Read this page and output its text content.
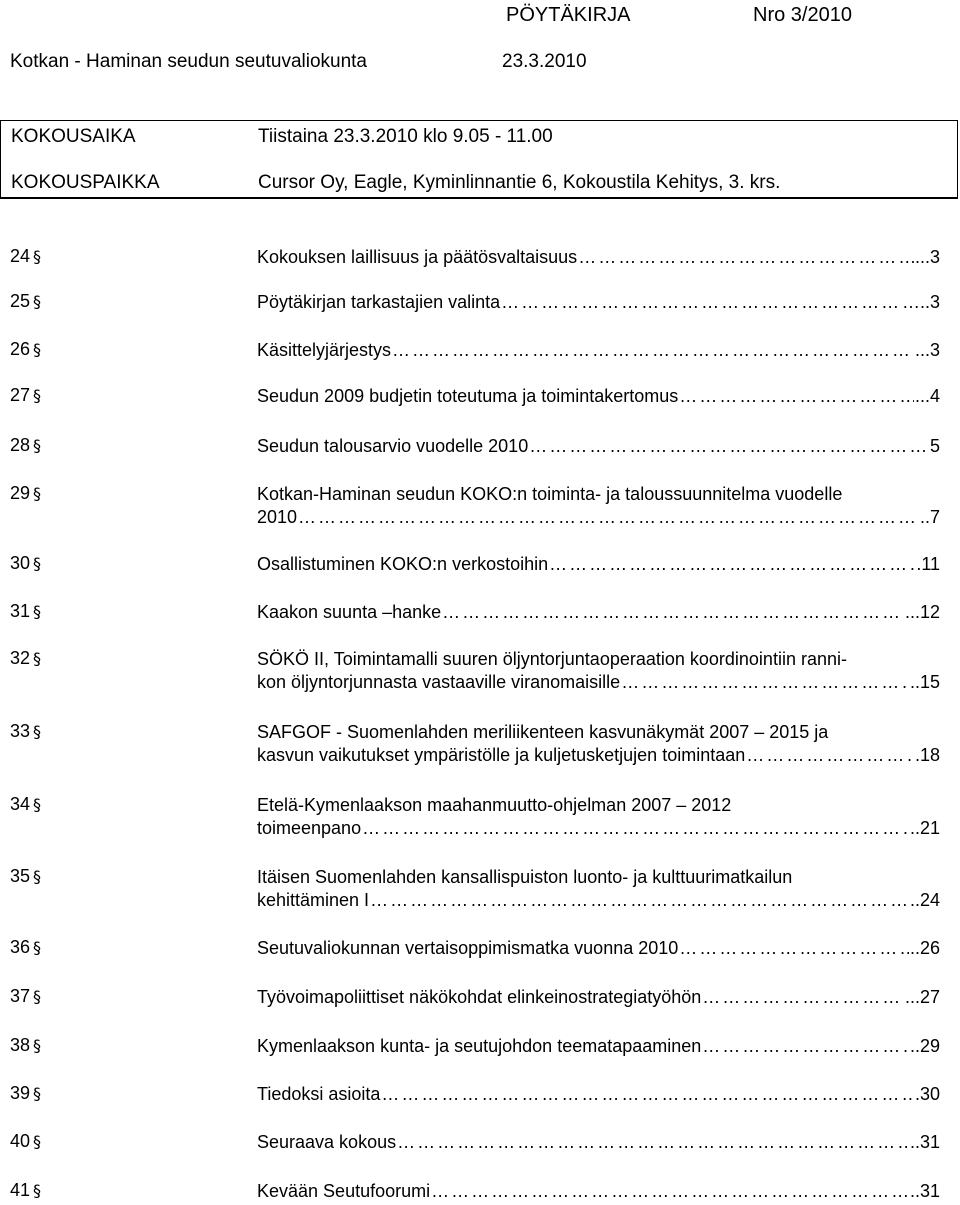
PÖYTÄKIRJA	Nro 3/2010
Kotkan - Haminan seudun seutuvaliokunta	23.3.2010
KOKOUSAIKA	Tiistaina 23.3.2010 klo 9.05 - 11.00
KOKOUSPAIKKA	Cursor Oy, Eagle, Kyminlinnantie 6, Kokoustila Kehitys, 3. krs.
24 §	Kokouksen laillisuus ja päätösvaltaisuus …………………………………………………………………………………………………………………………………………………………………	...3
25 §	Pöytäkirjan tarkastajien valinta …………………………………………………………………………………………………………………………………………………………………	…..3
26 §	Käsittelyjärjestys …………………………………………………………………………………………………………………………………………………………………	...3
27 §	Seudun 2009 budjetin toteutuma ja toimintakertomus …………………………………………………………………………………………………………………………………………………………………	...4
28 §	Seudun talousarvio vuodelle 2010 …………………………………………………………………………………………………………………………………………………………………	5
29 §	Kotkan-Haminan seudun KOKO:n toiminta- ja taloussuunnitelma vuodelle
2010 …………………………………………………………………………………………………………………………………………………………………	..7
30 §	Osallistuminen KOKO:n verkostoihin …………………………………………………………………………………………………………………………………………………………………	.11
31 §	Kaakon suunta –hanke …………………………………………………………………………………………………………………………………………………………………	...12
32 §	SÖKÖ II, Toimintamalli suuren öljyntorjuntaoperaation koordinointiin ranni-
kon öljyntorjunnasta vastaaville viranomaisille …………………………………………………………………………………………………………………………………………………………………	..15
33 §	SAFGOF - Suomenlahden meriliikenteen kasvunäkymät 2007 – 2015 ja
kasvun vaikutukset ympäristölle ja kuljetusketjujen toimintaan …………………………………………………………………………………………………………………………………………………………………	.18
34 §	Etelä-Kymenlaakson maahanmuutto-ohjelman 2007 – 2012
toimeenpano …………………………………………………………………………………………………………………………………………………………………	..21
35 §	Itäisen Suomenlahden kansallispuiston luonto- ja kulttuurimatkailun
kehittäminen I …………………………………………………………………………………………………………………………………………………………………	..24
36 §	Seutuvaliokunnan vertaisoppimismatka vuonna 2010 …………………………………………………………………………………………………………………………………………………………………	..26
37 §	Työvoimapoliittiset näkökohdat elinkeinostrategiatyöhön …………………………………………………………………………………………………………………………………………………………………	...27
38 §	Kymenlaakson kunta- ja seutujohdon teematapaaminen …………………………………………………………………………………………………………………………………………………………………	..29
39 §	Tiedoksi asioita …………………………………………………………………………………………………………………………………………………………………	.30
40 §	Seuraava kokous …………………………………………………………………………………………………………………………………………………………………	..31
41 §	Kevään Seutufoorumi …………………………………………………………………………………………………………………………………………………………………	..31
